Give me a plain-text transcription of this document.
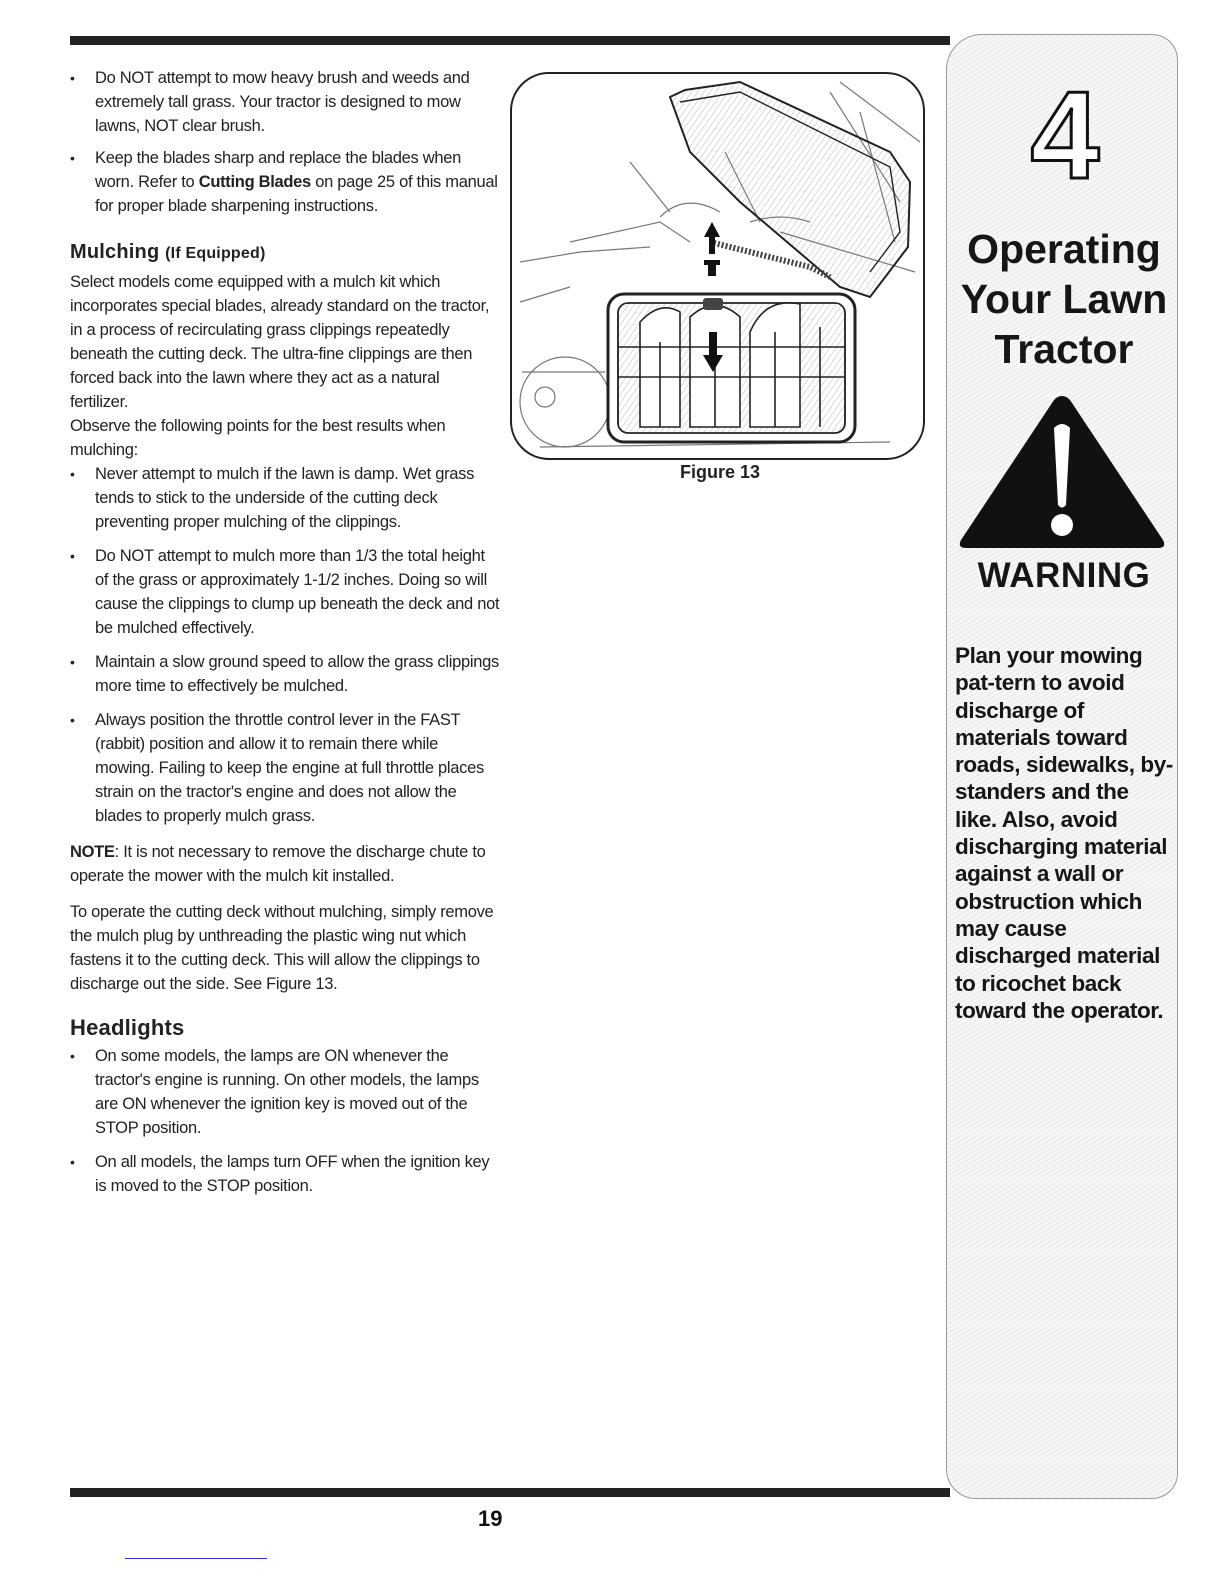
• Do NOT attempt to mow heavy brush and weeds and extremely tall grass. Your tractor is designed to mow lawns, NOT clear brush.
• Keep the blades sharp and replace the blades when worn. Refer to Cutting Blades on page 25 of this manual for proper blade sharpening instructions.
Mulching (If Equipped)
Select models come equipped with a mulch kit which incorporates special blades, already standard on the tractor, in a process of recirculating grass clippings repeatedly beneath the cutting deck. The ultra-fine clippings are then forced back into the lawn where they act as a natural fertilizer.
Observe the following points for the best results when mulching:
• Never attempt to mulch if the lawn is damp. Wet grass tends to stick to the underside of the cutting deck preventing proper mulching of the clippings.
• Do NOT attempt to mulch more than 1/3 the total height of the grass or approximately 1-1/2 inches. Doing so will cause the clippings to clump up beneath the deck and not be mulched effectively.
• Maintain a slow ground speed to allow the grass clippings more time to effectively be mulched.
• Always position the throttle control lever in the FAST (rabbit) position and allow it to remain there while mowing. Failing to keep the engine at full throttle places strain on the tractor's engine and does not allow the blades to properly mulch grass.
NOTE: It is not necessary to remove the discharge chute to operate the mower with the mulch kit installed.
To operate the cutting deck without mulching, simply remove the mulch plug by unthreading the plastic wing nut which fastens it to the cutting deck. This will allow the clippings to discharge out the side. See Figure 13.
Headlights
• On some models, the lamps are ON whenever the tractor's engine is running. On other models, the lamps are ON whenever the ignition key is moved out of the STOP position.
• On all models, the lamps turn OFF when the ignition key is moved to the STOP position.
Figure 13
4
Operating
Your Lawn
Tractor
WARNING
Plan your mowing pat-tern to avoid discharge of materials toward roads, sidewalks, by-standers and the like. Also, avoid discharging material against a wall or obstruction which may cause discharged material to ricochet back toward the operator.
19
